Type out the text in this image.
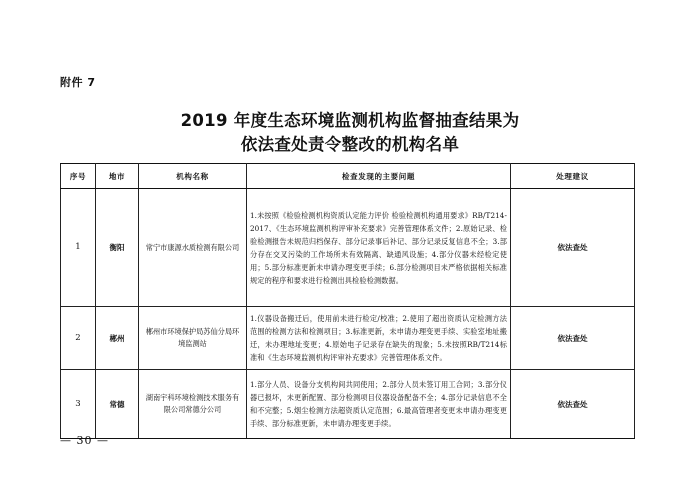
附件 7
2019 年度生态环境监测机构监督抽查结果为
依法查处责令整改的机构名单
序号	地市	机构名称	检查发现的主要问题	处理建议
1	衡阳	常宁市康源水质检测有限公司	1.未按照《检验检测机构资质认定能力评价 检验检测机构通用要求》RB/T214-2017、《生态环境监测机构评审补充要求》完善管理体系文件；2.原始记录、检验检测报告未规范归档保存、部分记录事后补记、部分记录反复信息不全；3.部分存在交叉污染的工作场所未有效隔离、缺通风设施；4.部分仪器未经检定使用；5.部分标准更新未申请办理变更手续；6.部分检测项目未严格依据相关标准规定的程序和要求进行检测出具检验检测数据。	依法查处
2	郴州	郴州市环境保护局苏仙分局环境监测站	1.仪器设备搬迁后，使用前未进行检定/校准；2.使用了超出资质认定检测方法范围的检测方法和检测项目；3.标准更新，未申请办理变更手续、实验室地址搬迁，未办理地址变更；4.原始电子记录存在缺失的现象；5.未按照RB/T214标准和《生态环境监测机构评审补充要求》完善管理体系文件。	依法查处
3	常德	湖南宇科环境检测技术服务有限公司常德分公司	1.部分人员、设备分支机构间共同使用；2.部分人员未签订用工合同；3.部分仪器已报坏，未更新配置、部分检测项目仪器设备配备不全；4.部分记录信息不全和不完整；5.烟尘检测方法超资质认定范围；6.最高管理者变更未申请办理变更手续、部分标准更新，未申请办理变更手续。	依法查处
— 30 —
